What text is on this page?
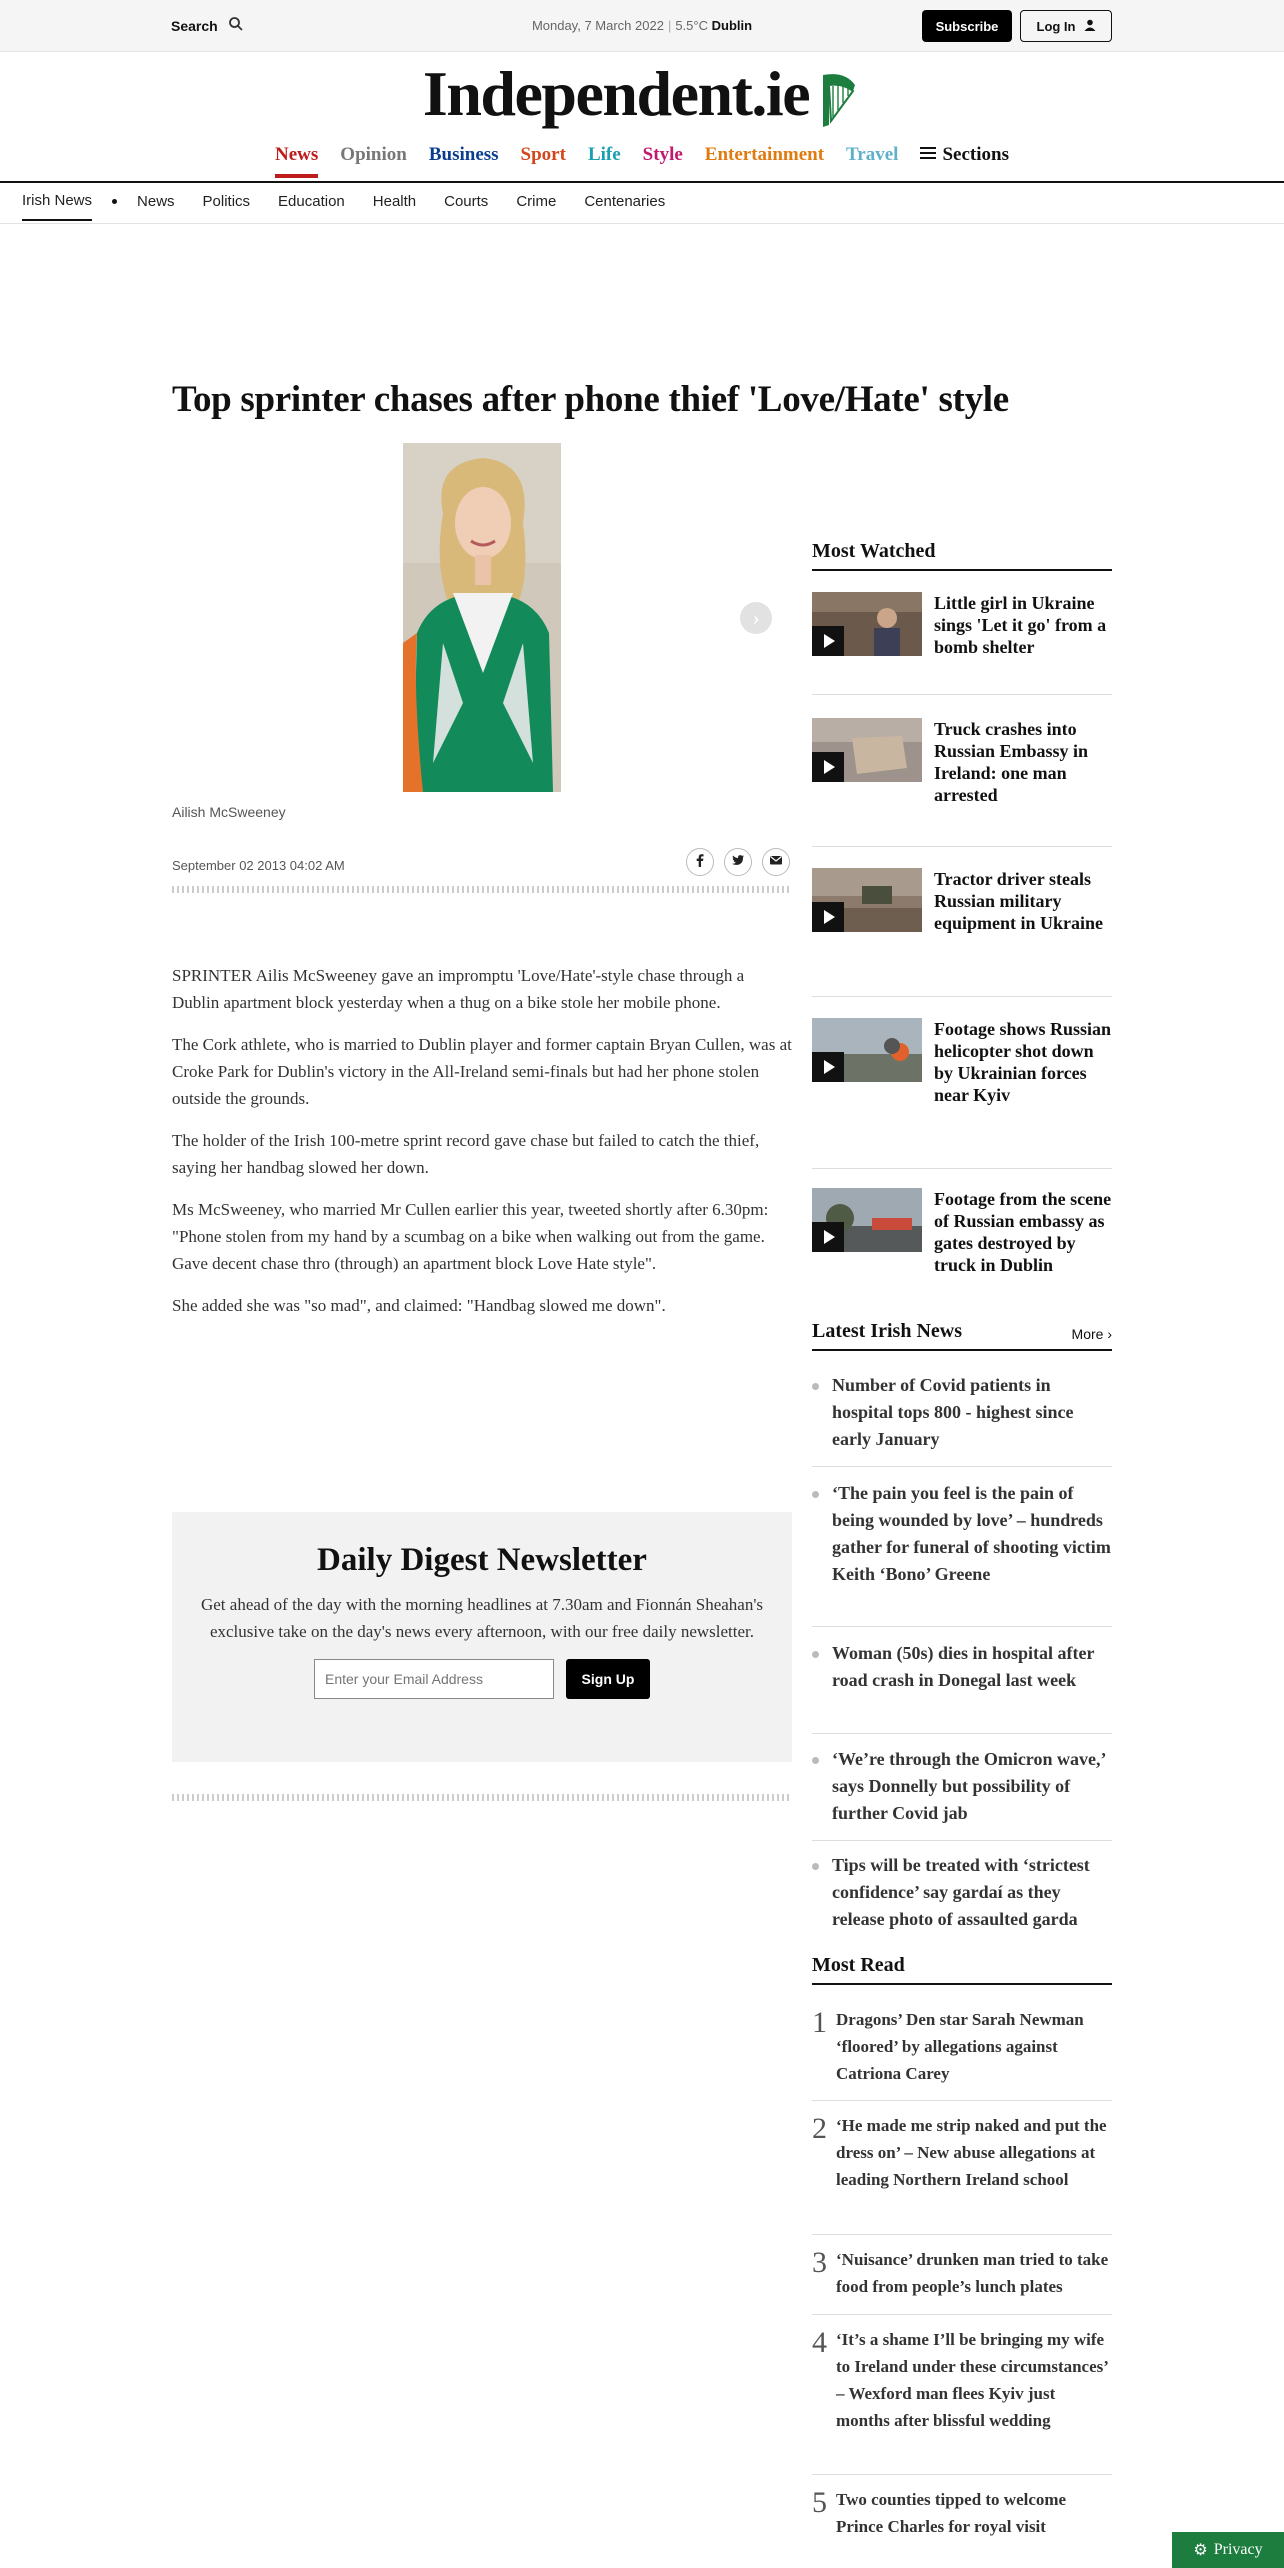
Search	Monday, 7 March 2022 | 5.5°C Dublin	Subscribe	Log In
Independent.ie
News Opinion Business Sport Life Style Entertainment Travel	Sections
Irish News	News Politics Education Health Courts Crime Centenaries
Top sprinter chases after phone thief 'Love/Hate' style
›
Ailish McSweeney
September 02 2013 04:02 AM

SPRINTER Ailis McSweeney gave an impromptu 'Love/Hate'-style chase through a Dublin apartment block yesterday when a thug on a bike stole her mobile phone.

The Cork athlete, who is married to Dublin player and former captain Bryan Cullen, was at Croke Park for Dublin's victory in the All-Ireland semi-finals but had her phone stolen outside the grounds.

The holder of the Irish 100-metre sprint record gave chase but failed to catch the thief, saying her handbag slowed her down.

Ms McSweeney, who married Mr Cullen earlier this year, tweeted shortly after 6.30pm: "Phone stolen from my hand by a scumbag on a bike when walking out from the game. Gave decent chase thro (through) an apartment block Love Hate style".

She added she was "so mad", and claimed: "Handbag slowed me down".

Daily Digest Newsletter
Get ahead of the day with the morning headlines at 7.30am and Fionnán Sheahan's exclusive take on the day's news every afternoon, with our free daily newsletter.
Enter your Email Address
Sign Up
Most Watched
Little girl in Ukraine sings 'Let it go' from a bomb shelter
Truck crashes into Russian Embassy in Ireland: one man arrested
Tractor driver steals Russian military equipment in Ukraine
Footage shows Russian helicopter shot down by Ukrainian forces near Kyiv
Footage from the scene of Russian embassy as gates destroyed by truck in Dublin
Latest Irish News	More ›
Number of Covid patients in hospital tops 800 - highest since early January
‘The pain you feel is the pain of being wounded by love’ – hundreds gather for funeral of shooting victim Keith ‘Bono’ Greene
Woman (50s) dies in hospital after road crash in Donegal last week
‘We’re through the Omicron wave,’ says Donnelly but possibility of further Covid jab
Tips will be treated with ‘strictest confidence’ say gardaí as they release photo of assaulted garda
Most Read
1 Dragons’ Den star Sarah Newman ‘floored’ by allegations against Catriona Carey
2 ‘He made me strip naked and put the dress on’ – New abuse allegations at leading Northern Ireland school
3 ‘Nuisance’ drunken man tried to take food from people’s lunch plates
4 ‘It’s a shame I’ll be bringing my wife to Ireland under these circumstances’ – Wexford man flees Kyiv just months after blissful wedding
5 Two counties tipped to welcome Prince Charles for royal visit
⚙ Privacy
